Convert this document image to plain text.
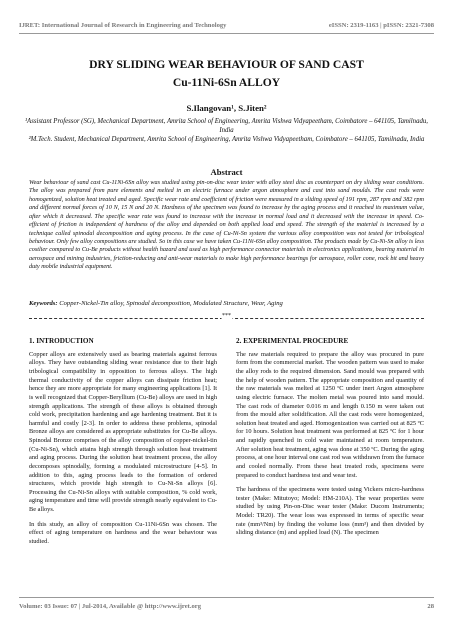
IJRET: International Journal of Research in Engineering and Technology	eISSN: 2319-1163 | pISSN: 2321-7308
DRY SLIDING WEAR BEHAVIOUR OF SAND CAST
Cu-11Ni-6Sn ALLOY
S.Ilangovan¹, S.Jiten²
¹Assistant Professor (SG), Mechanical Department, Amrita School of Engineering, Amrita Vishwa Vidyapeetham, Coimbatore – 641105, Tamilnadu, India
²M.Tech. Student, Mechanical Department, Amrita School of Engineering, Amrita Vishwa Vidyapeetham, Coimbatore – 641105, Tamilnadu, India
Abstract

Wear behaviour of sand cast Cu-11Ni-6Sn alloy was studied using pin-on-disc wear tester with alloy steel disc as counterpart on dry sliding wear conditions. The alloy was prepared from pure elements and melted in an electric furnace under argon atmosphere and cast into sand moulds. The cast rods were homogenized, solution heat treated and aged. Specific wear rate and coefficient of friction were measured in a sliding speed of 191 rpm, 287 rpm and 382 rpm and different normal forces of 10 N, 15 N and 20 N. Hardness of the specimen was found to increase by the aging process and it reached its maximum value, after which it decreased. The specific wear rate was found to increase with the increase in normal load and it decreased with the increase in speed. Co-efficient of friction is independent of hardness of the alloy and depended on both applied load and speed. The strength of the material is increased by a technique called spinodal decomposition and aging process. In the case of Cu-Ni-Sn system the various alloy composition was not tested for tribological behaviour. Only few alloy compositions are studied. So in this case we have taken Cu-11Ni-6Sn alloy composition. The products made by Cu-Ni-Sn alloy is less costlier compared to Cu-Be products without health hazard and used as high performance connector materials in electronics applications, bearing material in aerospace and mining industries, friction-reducing and anti-wear materials to make high performance bearings for aerospace, roller cone, rock bit and heavy duty mobile industrial equipment.

Keywords: Copper-Nickel-Tin alloy, Spinodal decomposition, Modulated Structure, Wear, Aging

***
1. INTRODUCTION

Copper alloys are extensively used as bearing materials against ferrous alloys. They have outstanding sliding wear resistance due to their high tribological compatibility in opposition to ferrous alloys. The high thermal conductivity of the copper alloys can dissipate friction heat; hence they are more appropriate for many engineering applications [1]. It is well recognized that Copper-Beryllium (Cu-Be) alloys are used in high strength applications. The strength of these alloys is obtained through cold work, precipitation hardening and age hardening treatment. But it is harmful and costly [2-3]. In order to address these problems, spinodal Bronze alloys are considered as appropriate substitutes for Cu-Be alloys. Spinodal Bronze comprises of the alloy composition of copper-nickel-tin (Cu-Ni-Sn), which attains high strength through solution heat treatment and aging process. During the solution heat treatment process, the alloy decomposes spinodally, forming a modulated microstructure [4-5]. In addition to this, aging process leads to the formation of ordered structures, which provide high strength to Cu-Ni-Sn alloys [6]. Processing the Cu-Ni-Sn alloys with suitable composition, % cold work, aging temperature and time will provide strength nearly equivalent to Cu-Be alloys.

In this study, an alloy of composition Cu-11Ni-6Sn was chosen. The effect of aging temperature on hardness and the wear behaviour was studied.

2. EXPERIMENTAL PROCEDURE

The raw materials required to prepare the alloy was procured in pure form from the commercial market. The wooden pattern was used to make the alloy rods to the required dimension. Sand mould was prepared with the help of wooden pattern. The appropriate composition and quantity of the raw materials was melted at 1250 ºC under inert Argon atmosphere using electric furnace. The molten metal was poured into sand mould. The cast rods of diameter 0.016 m and length 0.150 m were taken out from the mould after solidification. All the cast rods were homogenized, solution heat treated and aged. Homogenization was carried out at 825 ºC for 10 hours. Solution heat treatment was performed at 825 ºC for 1 hour and rapidly quenched in cold water maintained at room temperature. After solution heat treatment, aging was done at 350 ºC. During the aging process, at one hour interval one cast rod was withdrawn from the furnace and cooled normally. From these heat treated rods, specimens were prepared to conduct hardness test and wear test.

The hardness of the specimens were tested using Vickers micro-hardness tester (Make: Mitutoyo; Model: HM-210A). The wear properties were studied by using Pin-on-Disc wear tester (Make: Ducom Instruments; Model: TR20). The wear loss was expressed in terms of specific wear rate (mm³/Nm) by finding the volume loss (mm³) and then divided by sliding distance (m) and applied load (N). The specimen

Volume: 03 Issue: 07 | Jul-2014, Available @ http://www.ijret.org	28
